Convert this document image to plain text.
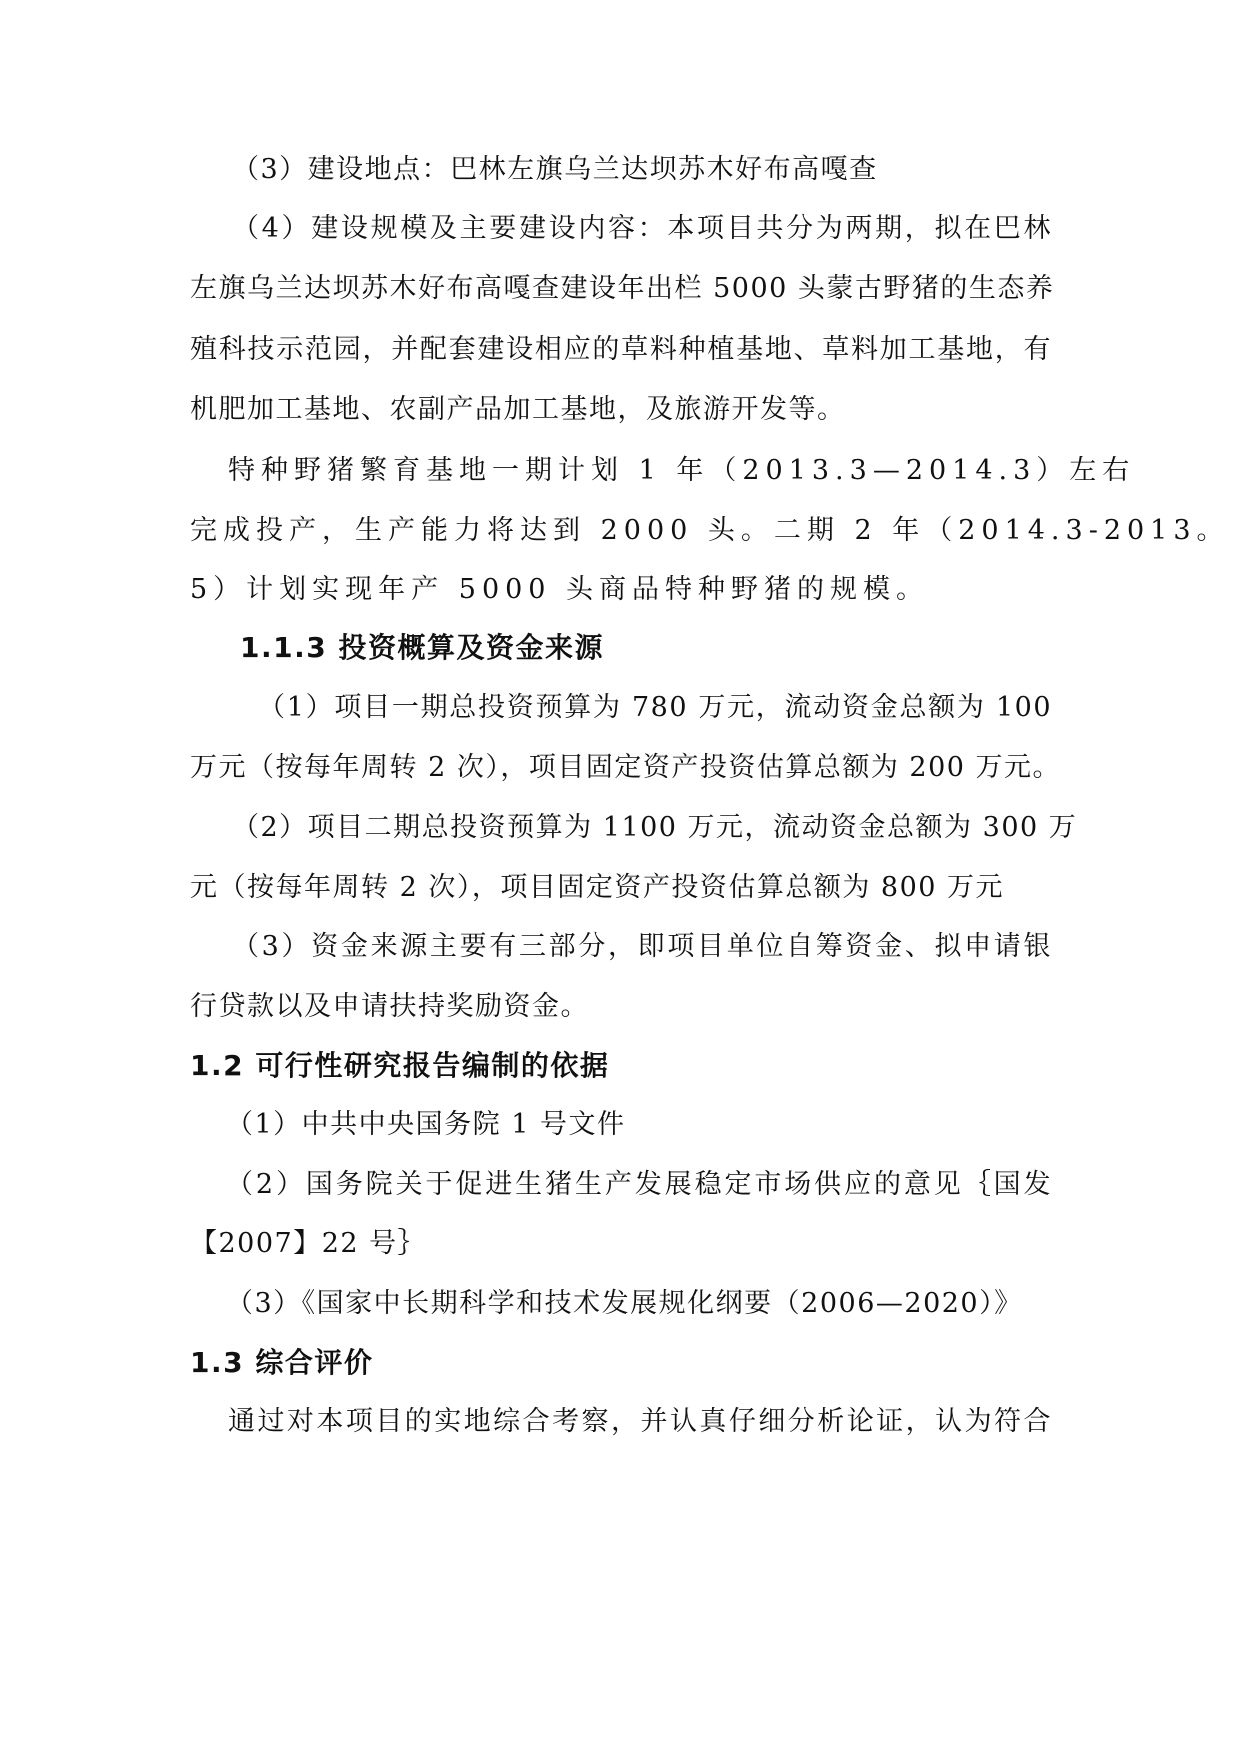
（3）建设地点：巴林左旗乌兰达坝苏木好布高嘎查
（4）建设规模及主要建设内容：本项目共分为两期，拟在巴林
左旗乌兰达坝苏木好布高嘎查建设年出栏 5000 头蒙古野猪的生态养
殖科技示范园，并配套建设相应的草料种植基地、草料加工基地，有
机肥加工基地、农副产品加工基地，及旅游开发等。
特种野猪繁育基地一期计划 1 年（2013.3—2014.3）左右
完成投产，生产能力将达到 2000 头。二期 2 年（2014.3-2013。
5）计划实现年产 5000 头商品特种野猪的规模。
1.1.3 投资概算及资金来源
（1）项目一期总投资预算为 780 万元，流动资金总额为 100
万元（按每年周转 2 次），项目固定资产投资估算总额为 200 万元。
（2）项目二期总投资预算为 1100 万元，流动资金总额为 300 万
元（按每年周转 2 次），项目固定资产投资估算总额为 800 万元
（3）资金来源主要有三部分，即项目单位自筹资金、拟申请银
行贷款以及申请扶持奖励资金。
1.2 可行性研究报告编制的依据
（1）中共中央国务院 1 号文件
（2）国务院关于促进生猪生产发展稳定市场供应的意见｛国发
【2007】22 号｝
（3）《国家中长期科学和技术发展规化纲要（2006—2020）》
1.3 综合评价
通过对本项目的实地综合考察，并认真仔细分析论证，认为符合
